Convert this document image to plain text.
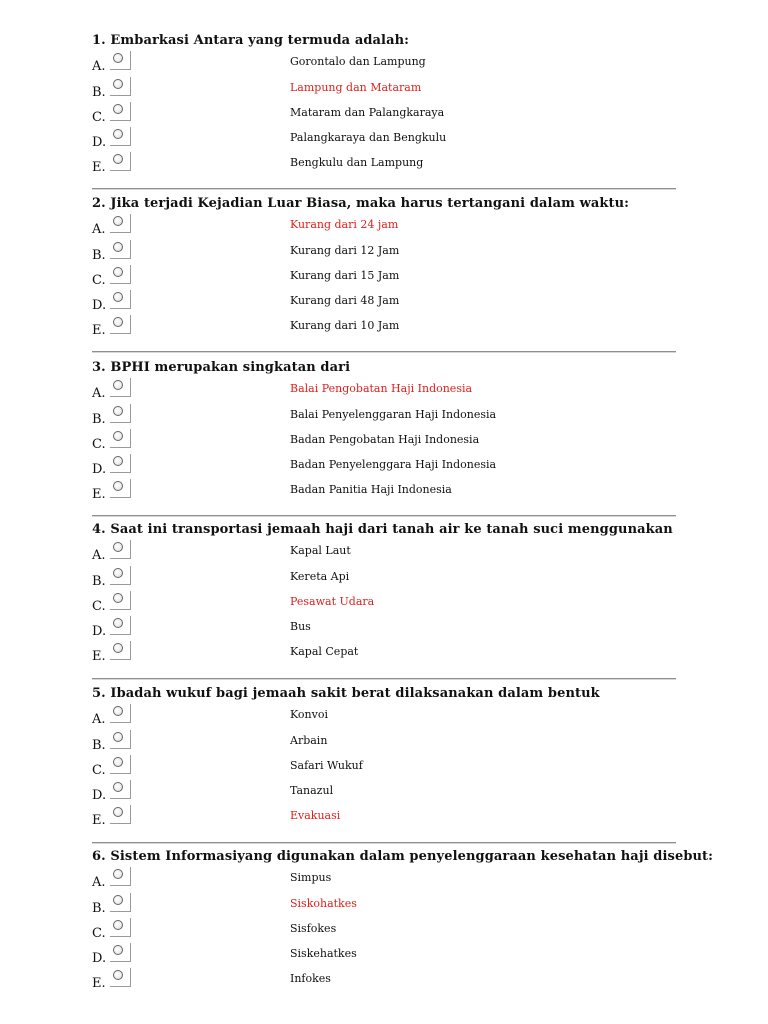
1. Embarkasi Antara yang termuda adalah:
A.	Gorontalo dan Lampung
B.	Lampung dan Mataram
C.	Mataram dan Palangkaraya
D.	Palangkaraya dan Bengkulu
E.	Bengkulu dan Lampung
2. Jika terjadi Kejadian Luar Biasa, maka harus tertangani dalam waktu:
A.	Kurang dari 24 jam
B.	Kurang dari 12 Jam
C.	Kurang dari 15 Jam
D.	Kurang dari 48 Jam
E.	Kurang dari 10 Jam
3. BPHI merupakan singkatan dari
A.	Balai Pengobatan Haji Indonesia
B.	Balai Penyelenggaran Haji Indonesia
C.	Badan Pengobatan Haji Indonesia
D.	Badan Penyelenggara Haji Indonesia
E.	Badan Panitia Haji Indonesia
4. Saat ini transportasi jemaah haji dari tanah air ke tanah suci menggunakan
A.	Kapal Laut
B.	Kereta Api
C.	Pesawat Udara
D.	Bus
E.	Kapal Cepat
5. Ibadah wukuf bagi jemaah sakit berat dilaksanakan dalam bentuk
A.	Konvoi
B.	Arbain
C.	Safari Wukuf
D.	Tanazul
E.	Evakuasi
6. Sistem Informasiyang digunakan dalam penyelenggaraan kesehatan haji disebut:
A.	Simpus
B.	Siskohatkes
C.	Sisfokes
D.	Siskehatkes
E.	Infokes
